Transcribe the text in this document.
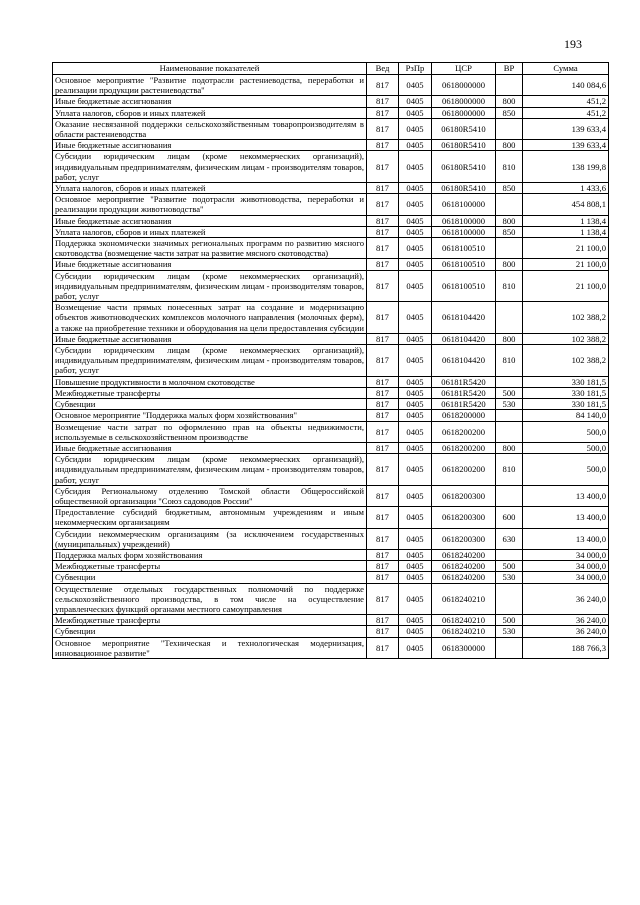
193
Наименование показателей	Вед	РзПр	ЦСР	ВР	Сумма
Основное мероприятие "Развитие подотрасли растениеводства, переработки и реализации продукции растениеводства"	817	0405	0618000000		140 084,6
Иные бюджетные ассигнования	817	0405	0618000000	800	451,2
Уплата налогов, сборов и иных платежей	817	0405	0618000000	850	451,2
Оказание несвязанной поддержки сельскохозяйственным товаропроизводителям в области растениеводства	817	0405	06180R5410		139 633,4
Иные бюджетные ассигнования	817	0405	06180R5410	800	139 633,4
Субсидии юридическим лицам (кроме некоммерческих организаций), индивидуальным предпринимателям, физическим лицам - производителям товаров, работ, услуг	817	0405	06180R5410	810	138 199,8
Уплата налогов, сборов и иных платежей	817	0405	06180R5410	850	1 433,6
Основное мероприятие "Развитие подотрасли животноводства, переработки и реализации продукции животноводства"	817	0405	0618100000		454 808,1
Иные бюджетные ассигнования	817	0405	0618100000	800	1 138,4
Уплата налогов, сборов и иных платежей	817	0405	0618100000	850	1 138,4
Поддержка экономически значимых региональных программ по развитию мясного скотоводства (возмещение части затрат на развитие мясного скотоводства)	817	0405	0618100510		21 100,0
Иные бюджетные ассигнования	817	0405	0618100510	800	21 100,0
Субсидии юридическим лицам (кроме некоммерческих организаций), индивидуальным предпринимателям, физическим лицам - производителям товаров, работ, услуг	817	0405	0618100510	810	21 100,0
Возмещение части прямых понесенных затрат на создание и модернизацию объектов животноводческих комплексов молочного направления (молочных ферм), а также на приобретение техники и оборудования на цели предоставления субсидии	817	0405	0618104420		102 388,2
Иные бюджетные ассигнования	817	0405	0618104420	800	102 388,2
Субсидии юридическим лицам (кроме некоммерческих организаций), индивидуальным предпринимателям, физическим лицам - производителям товаров, работ, услуг	817	0405	0618104420	810	102 388,2
Повышение продуктивности в молочном скотоводстве	817	0405	06181R5420		330 181,5
Межбюджетные трансферты	817	0405	06181R5420	500	330 181,5
Субвенции	817	0405	06181R5420	530	330 181,5
Основное мероприятие "Поддержка малых форм хозяйствования"	817	0405	0618200000		84 140,0
Возмещение части затрат по оформлению прав на объекты недвижимости, используемые в сельскохозяйственном производстве	817	0405	0618200200		500,0
Иные бюджетные ассигнования	817	0405	0618200200	800	500,0
Субсидии юридическим лицам (кроме некоммерческих организаций), индивидуальным предпринимателям, физическим лицам - производителям товаров, работ, услуг	817	0405	0618200200	810	500,0
Субсидия Региональному отделению Томской области Общероссийской общественной организации "Союз садоводов России"	817	0405	0618200300		13 400,0
Предоставление субсидий бюджетным, автономным учреждениям и иным некоммерческим организациям	817	0405	0618200300	600	13 400,0
Субсидии некоммерческим организациям (за исключением государственных (муниципальных) учреждений)	817	0405	0618200300	630	13 400,0
Поддержка малых форм хозяйствования	817	0405	0618240200		34 000,0
Межбюджетные трансферты	817	0405	0618240200	500	34 000,0
Субвенции	817	0405	0618240200	530	34 000,0
Осуществление отдельных государственных полномочий по поддержке сельскохозяйственного производства, в том числе на осуществление управленческих функций органами местного самоуправления	817	0405	0618240210		36 240,0
Межбюджетные трансферты	817	0405	0618240210	500	36 240,0
Субвенции	817	0405	0618240210	530	36 240,0
Основное мероприятие "Техническая и технологическая модернизация, инновационное развитие"	817	0405	0618300000		188 766,3
